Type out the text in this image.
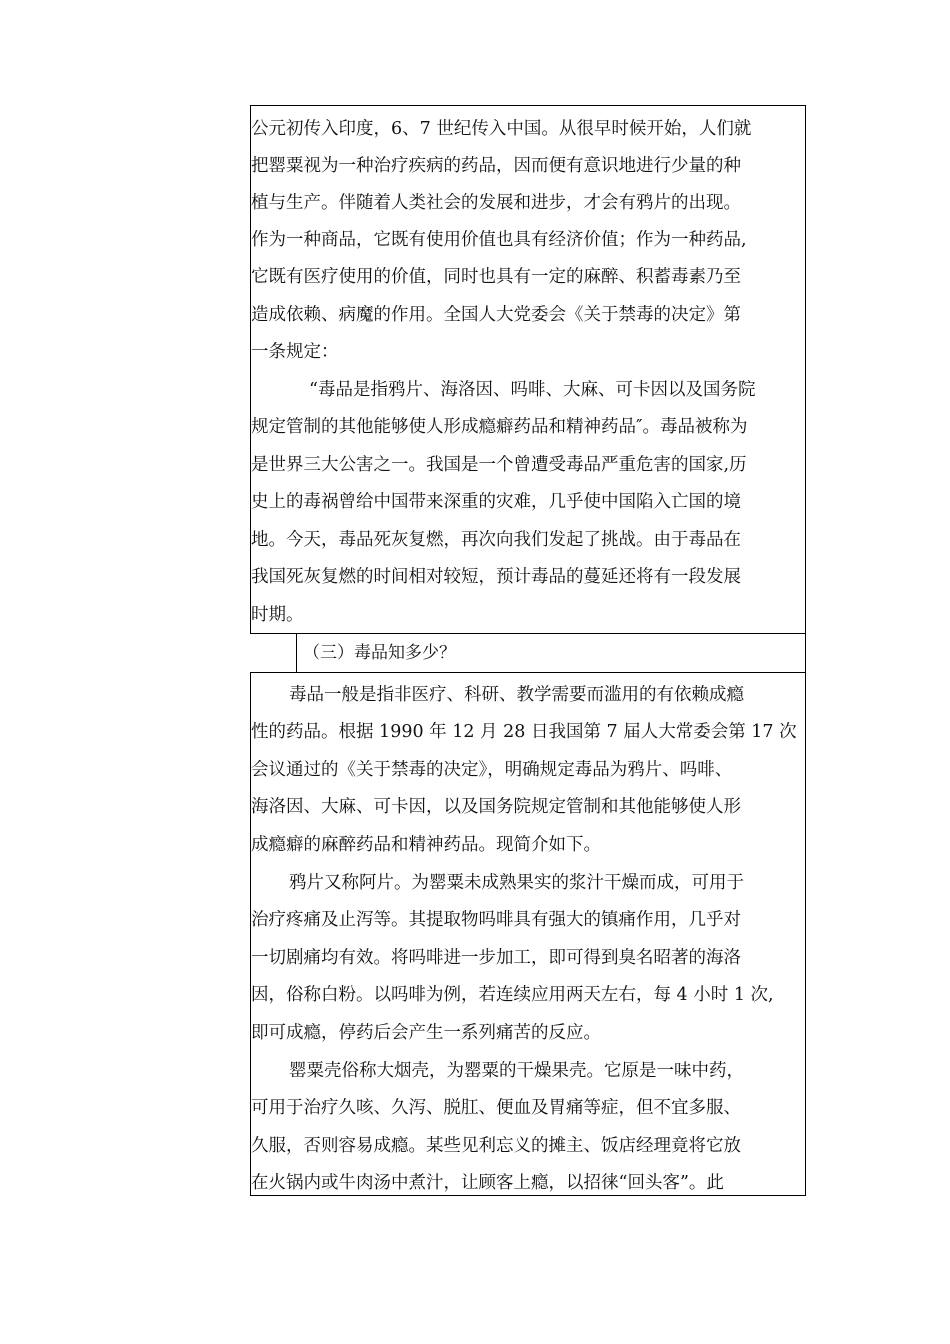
公元初传入印度，6、7 世纪传入中国。从很早时候开始，人们就
把罂粟视为一种治疗疾病的药品，因而便有意识地进行少量的种
植与生产。伴随着人类社会的发展和进步，才会有鸦片的出现。
作为一种商品，它既有使用价值也具有经济价值；作为一种药品,
它既有医疗使用的价值，同时也具有一定的麻醉、积蓄毒素乃至
造成依赖、病魔的作用。全国人大党委会《关于禁毒的决定》第
一条规定：
“毒品是指鸦片、海洛因、吗啡、大麻、可卡因以及国务院
规定管制的其他能够使人形成瘾癖药品和精神药品″。毒品被称为
是世界三大公害之一。我国是一个曾遭受毒品严重危害的国家,历
史上的毒祸曾给中国带来深重的灾难，几乎使中国陷入亡国的境
地。今天，毒品死灰复燃，再次向我们发起了挑战。由于毒品在
我国死灰复燃的时间相对较短，预计毒品的蔓延还将有一段发展
时期。
（三）毒品知多少？
毒品一般是指非医疗、科研、教学需要而滥用的有依赖成瘾
性的药品。根据 1990 年 12 月 28 日我国第 7 届人大常委会第 17 次
会议通过的《关于禁毒的决定》，明确规定毒品为鸦片、吗啡、
海洛因、大麻、可卡因，以及国务院规定管制和其他能够使人形
成瘾癖的麻醉药品和精神药品。现简介如下。
鸦片又称阿片。为罂粟未成熟果实的浆汁干燥而成，可用于
治疗疼痛及止泻等。其提取物吗啡具有强大的镇痛作用，几乎对
一切剧痛均有效。将吗啡进一步加工，即可得到臭名昭著的海洛
因，俗称白粉。以吗啡为例，若连续应用两天左右，每 4 小时 1 次,
即可成瘾，停药后会产生一系列痛苦的反应。
罂粟壳俗称大烟壳，为罂粟的干燥果壳。它原是一味中药，
可用于治疗久咳、久泻、脱肛、便血及胃痛等症，但不宜多服、
久服，否则容易成瘾。某些见利忘义的摊主、饭店经理竟将它放
在火锅内或牛肉汤中煮汁，让顾客上瘾，以招徕“回头客”。此
